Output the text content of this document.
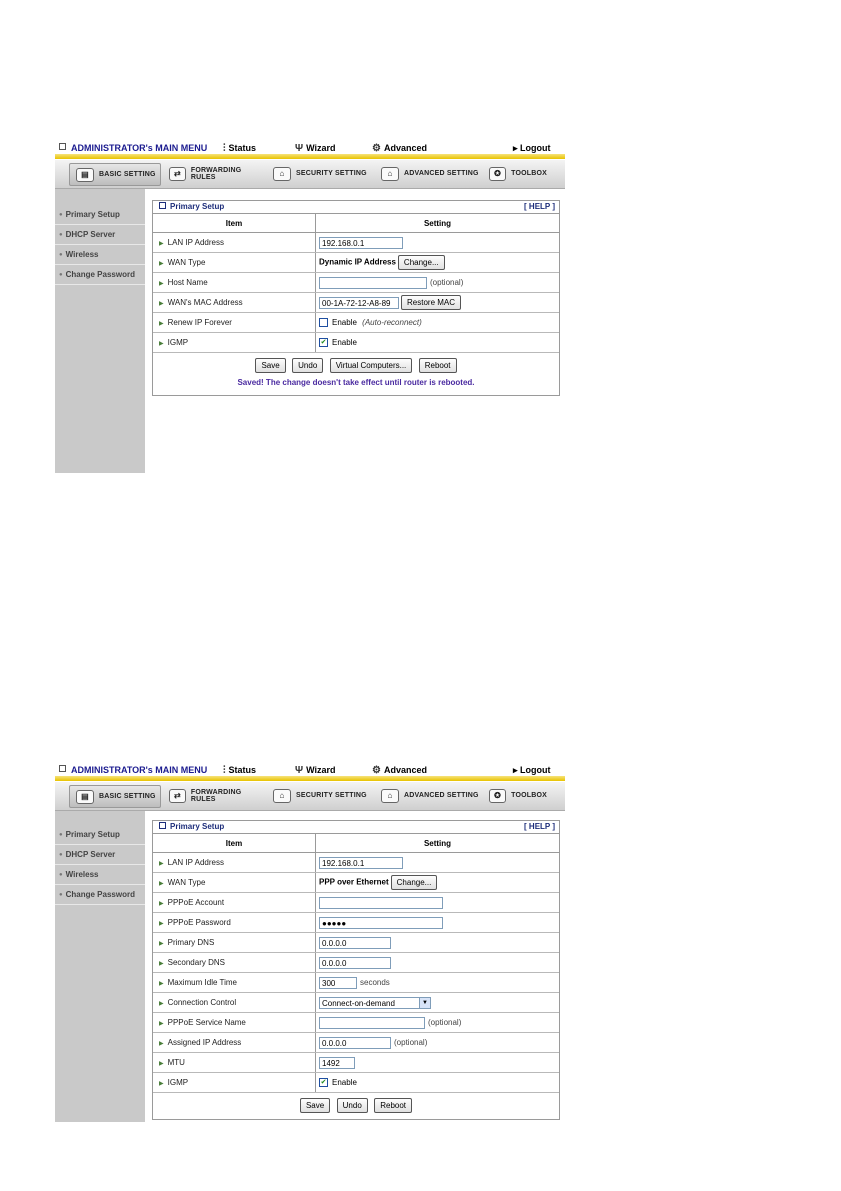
ADMINISTRATOR's MAIN MENU ⫶ Status	Ψ Wizard	⚙ Advanced	▸ Logout
▤	BASIC SETTING	⇄	FORWARDING RULES	⌂	SECURITY SETTING	⌂	ADVANCED SETTING	✪	TOOLBOX
● Primary Setup
● DHCP Server
● Wireless
● Change Password
Primary Setup	[ HELP ]
Item	Setting
▶ LAN IP Address	192.168.0.1
▶ WAN Type	Dynamic IP Address Change...
▶ Host Name	(optional)
▶ WAN's MAC Address	00-1A-72-12-A8-89 Restore MAC
▶ Renew IP Forever	Enable (Auto-reconnect)
▶ IGMP	✔ Enable
Save Undo Virtual Computers... Reboot
Saved! The change doesn't take effect until router is rebooted.
ADMINISTRATOR's MAIN MENU ⫶ Status	Ψ Wizard	⚙ Advanced	▸ Logout
▤	BASIC SETTING	⇄	FORWARDING RULES	⌂	SECURITY SETTING	⌂	ADVANCED SETTING	✪	TOOLBOX
● Primary Setup
● DHCP Server
● Wireless
● Change Password
Primary Setup	[ HELP ]
Item	Setting
▶ LAN IP Address	192.168.0.1
▶ WAN Type	PPP over Ethernet Change...
▶ PPPoE Account	
▶ PPPoE Password	●●●●●
▶ Primary DNS	0.0.0.0
▶ Secondary DNS	0.0.0.0
▶ Maximum Idle Time	300 seconds
▶ Connection Control	Connect-on-demand ▼

▶ PPPoE Service Name	(optional)
▶ Assigned IP Address	0.0.0.0 (optional)
▶ MTU	1492
▶ IGMP	✔ Enable
Save Undo Reboot
